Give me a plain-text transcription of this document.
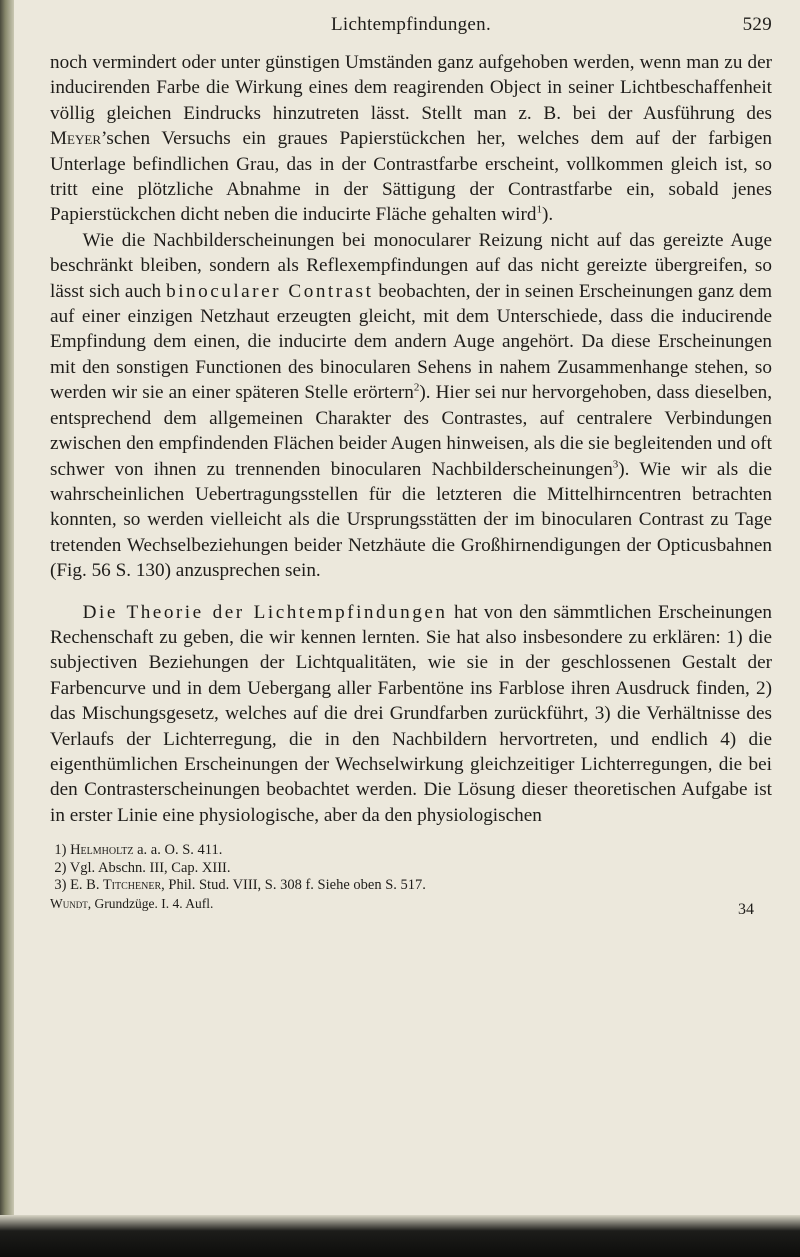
Lichtempfindungen.	529

noch vermindert oder unter günstigen Umständen ganz aufgehoben werden, wenn man zu der inducirenden Farbe die Wirkung eines dem reagirenden Object in seiner Lichtbeschaffenheit völlig gleichen Eindrucks hinzutreten lässt. Stellt man z. B. bei der Ausführung des Meyer’schen Versuchs ein graues Papierstückchen her, welches dem auf der farbigen Unterlage befindlichen Grau, das in der Contrastfarbe erscheint, vollkommen gleich ist, so tritt eine plötzliche Abnahme in der Sättigung der Contrastfarbe ein, sobald jenes Papierstückchen dicht neben die inducirte Fläche gehalten wird$^1$).

Wie die Nachbilderscheinungen bei monocularer Reizung nicht auf das gereizte Auge beschränkt bleiben, sondern als Reflexempfindungen auf das nicht gereizte übergreifen, so lässt sich auch binocularer Contrast beobachten, der in seinen Erscheinungen ganz dem auf einer einzigen Netzhaut erzeugten gleicht, mit dem Unterschiede, dass die inducirende Empfindung dem einen, die inducirte dem andern Auge angehört. Da diese Erscheinungen mit den sonstigen Functionen des binocularen Sehens in nahem Zusammenhange stehen, so werden wir sie an einer späteren Stelle erörtern$^2$). Hier sei nur hervorgehoben, dass dieselben, entsprechend dem allgemeinen Charakter des Contrastes, auf centralere Verbindungen zwischen den empfindenden Flächen beider Augen hinweisen, als die sie begleitenden und oft schwer von ihnen zu trennenden binocularen Nachbilderscheinungen$^3$). Wie wir als die wahrscheinlichen Uebertragungsstellen für die letzteren die Mittelhirncentren betrachten konnten, so werden vielleicht als die Ursprungsstätten der im binocularen Contrast zu Tage tretenden Wechselbeziehungen beider Netzhäute die Großhirnendigungen der Opticusbahnen (Fig. 56 S. 130) anzusprechen sein.

Die Theorie der Lichtempfindungen hat von den sämmtlichen Erscheinungen Rechenschaft zu geben, die wir kennen lernten. Sie hat also insbesondere zu erklären: 1) die subjectiven Beziehungen der Lichtqualitäten, wie sie in der geschlossenen Gestalt der Farbencurve und in dem Uebergang aller Farbentöne ins Farblose ihren Ausdruck finden, 2) das Mischungsgesetz, welches auf die drei Grundfarben zurückführt, 3) die Verhältnisse des Verlaufs der Lichterregung, die in den Nachbildern hervortreten, und endlich 4) die eigenthümlichen Erscheinungen der Wechselwirkung gleichzeitiger Lichterregungen, die bei den Contrasterscheinungen beobachtet werden. Die Lösung dieser theoretischen Aufgabe ist in erster Linie eine physiologische, aber da den physiologischen

1) Helmholtz a. a. O. S. 411.
2) Vgl. Abschn. III, Cap. XIII.
3) E. B. Titchener, Phil. Stud. VIII, S. 308 f. Siehe oben S. 517.
Wundt, Grundzüge. I. 4. Aufl.	34
